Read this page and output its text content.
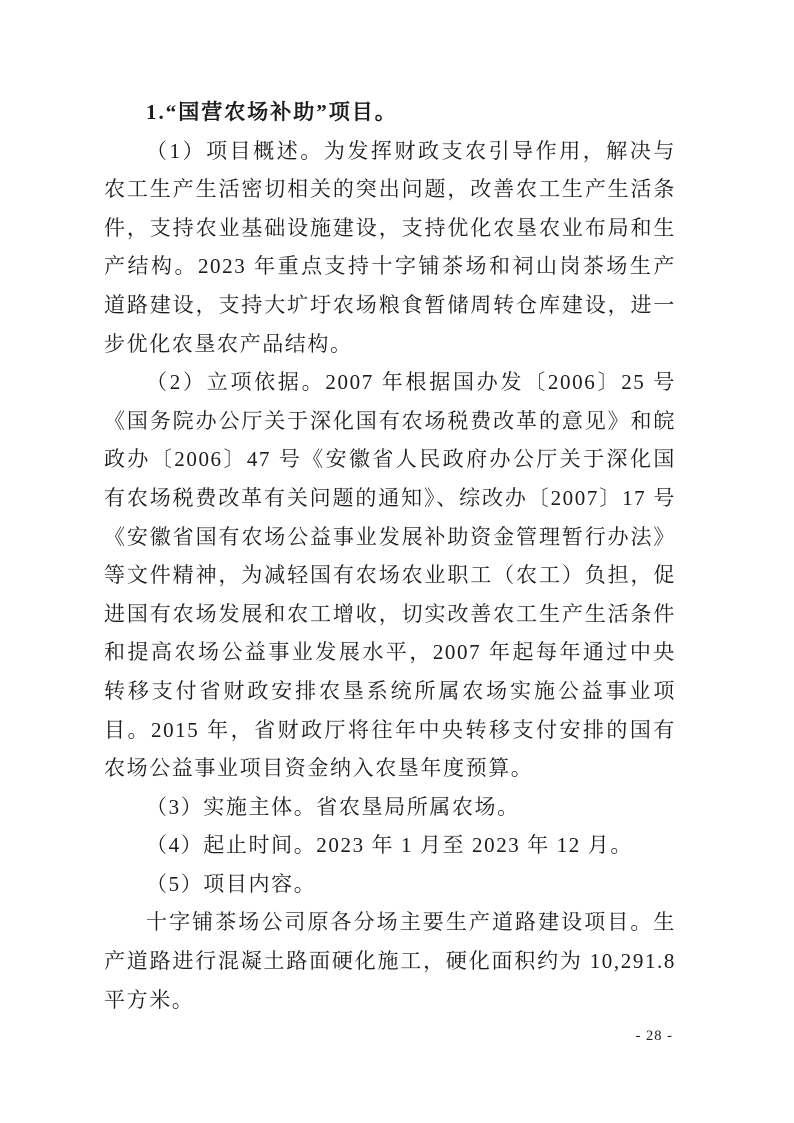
1.“国营农场补助”项目。

（1）项目概述。为发挥财政支农引导作用，解决与农工生产生活密切相关的突出问题，改善农工生产生活条件，支持农业基础设施建设，支持优化农垦农业布局和生产结构。2023 年重点支持十字铺茶场和祠山岗茶场生产道路建设，支持大圹圩农场粮食暂储周转仓库建设，进一步优化农垦农产品结构。

（2）立项依据。2007 年根据国办发〔2006〕25 号《国务院办公厅关于深化国有农场税费改革的意见》和皖政办〔2006〕47 号《安徽省人民政府办公厅关于深化国有农场税费改革有关问题的通知》、综改办〔2007〕17 号《安徽省国有农场公益事业发展补助资金管理暂行办法》等文件精神，为减轻国有农场农业职工（农工）负担，促进国有农场发展和农工增收，切实改善农工生产生活条件和提高农场公益事业发展水平，2007 年起每年通过中央转移支付省财政安排农垦系统所属农场实施公益事业项目。2015 年，省财政厅将往年中央转移支付安排的国有农场公益事业项目资金纳入农垦年度预算。

（3）实施主体。省农垦局所属农场。

（4）起止时间。2023 年 1 月至 2023 年 12 月。

（5）项目内容。

十字铺茶场公司原各分场主要生产道路建设项目。生产道路进行混凝土路面硬化施工，硬化面积约为 10,291.8 平方米。

- 28 -
